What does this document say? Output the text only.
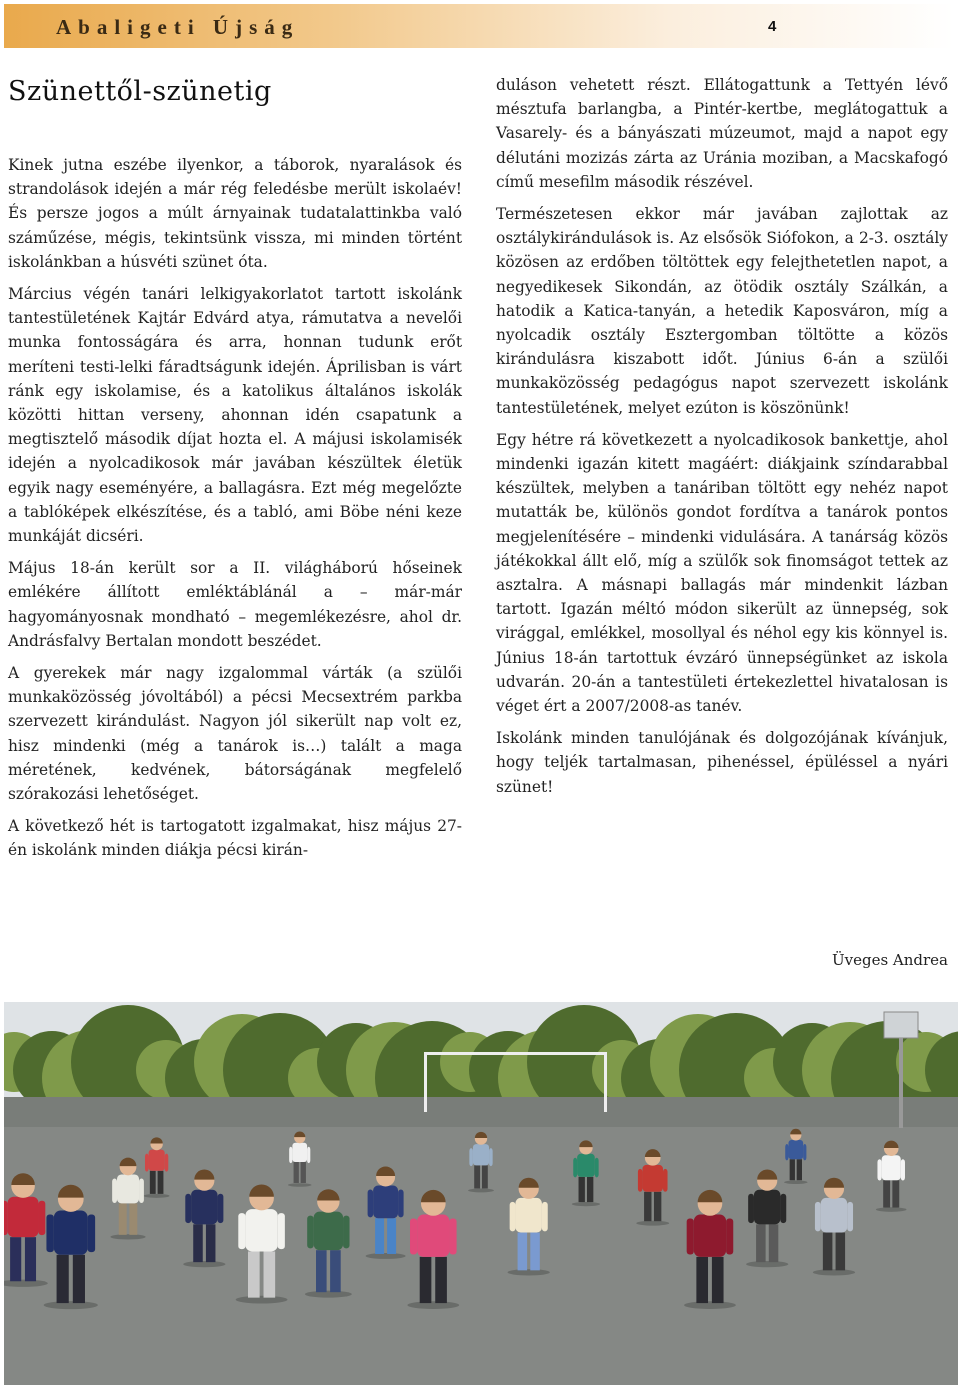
Abaligeti Újság	4
Szünettől-szünetig

Kinek jutna eszébe ilyenkor, a táborok, nyaralások és strandolások idején a már rég feledésbe merült iskolaév! És persze jogos a múlt árnyainak tudatalattinkba való száműzése, mégis, tekintsünk vissza, mi minden történt iskolánkban a húsvéti szünet óta.

Március végén tanári lelkigyakorlatot tartott iskolánk tantestületének Kajtár Edvárd atya, rámutatva a nevelői munka fontosságára és arra, honnan tudunk erőt meríteni testi-lelki fáradtságunk idején. Áprilisban is várt ránk egy iskolamise, és a katolikus általános iskolák közötti hittan verseny, ahonnan idén csapatunk a megtisztelő második díjat hozta el. A májusi iskolamisék idején a nyolcadikosok már javában készültek életük egyik nagy eseményére, a ballagásra. Ezt még megelőzte a tablóképek elkészítése, és a tabló, ami Böbe néni keze munkáját dicséri.

Május 18-án került sor a II. világháború hőseinek emlékére állított emléktáblánál a – már-már hagyományosnak mondható – megemlékezésre, ahol dr. Andrásfalvy Bertalan mondott beszédet.

A gyerekek már nagy izgalommal várták (a szülői munkaközösség jóvoltából) a pécsi Mecsextrém parkba szervezett kirándulást. Nagyon jól sikerült nap volt ez, hisz mindenki (még a tanárok is…) talált a maga méretének, kedvének, bátorságának megfelelő szórakozási lehetőséget.

A következő hét is tartogatott izgalmakat, hisz május 27-én iskolánk minden diákja pécsi kirán-

duláson vehetett részt. Ellátogattunk a Tettyén lévő mésztufa barlangba, a Pintér-kertbe, meglátogattuk a Vasarely- és a bányászati múzeumot, majd a napot egy délutáni mozizás zárta az Uránia moziban, a Macskafogó című mesefilm második részével.

Természetesen ekkor már javában zajlottak az osztálykirándulások is. Az elsősök Siófokon, a 2-3. osztály közösen az erdőben töltöttek egy felejthetetlen napot, a negyedikesek Sikondán, az ötödik osztály Szálkán, a hatodik a Katica-tanyán, a hetedik Kaposváron, míg a nyolcadik osztály Esztergomban töltötte a közös kirándulásra kiszabott időt. Június 6-án a szülői munkaközösség pedagógus napot szervezett iskolánk tantestületének, melyet ezúton is köszönünk!

Egy hétre rá következett a nyolcadikosok bankettje, ahol mindenki igazán kitett magáért: diákjaink színdarabbal készültek, melyben a tanáriban töltött egy nehéz napot mutatták be, különös gondot fordítva a tanárok pontos megjelenítésére – mindenki vidulására. A tanárság közös játékokkal állt elő, míg a szülők sok finomságot tettek az asztalra. A másnapi ballagás már mindenkit lázban tartott. Igazán méltó módon sikerült az ünnepség, sok virággal, emlékkel, mosollyal és néhol egy kis könnyel is. Június 18-án tartottuk évzáró ünnepségünket az iskola udvarán. 20-án a tantestületi értekezlettel hivatalosan is véget ért a 2007/2008-as tanév.

Iskolánk minden tanulójának és dolgozójának kívánjuk, hogy teljék tartalmasan, pihenéssel, épüléssel a nyári szünet!

Üveges Andrea
